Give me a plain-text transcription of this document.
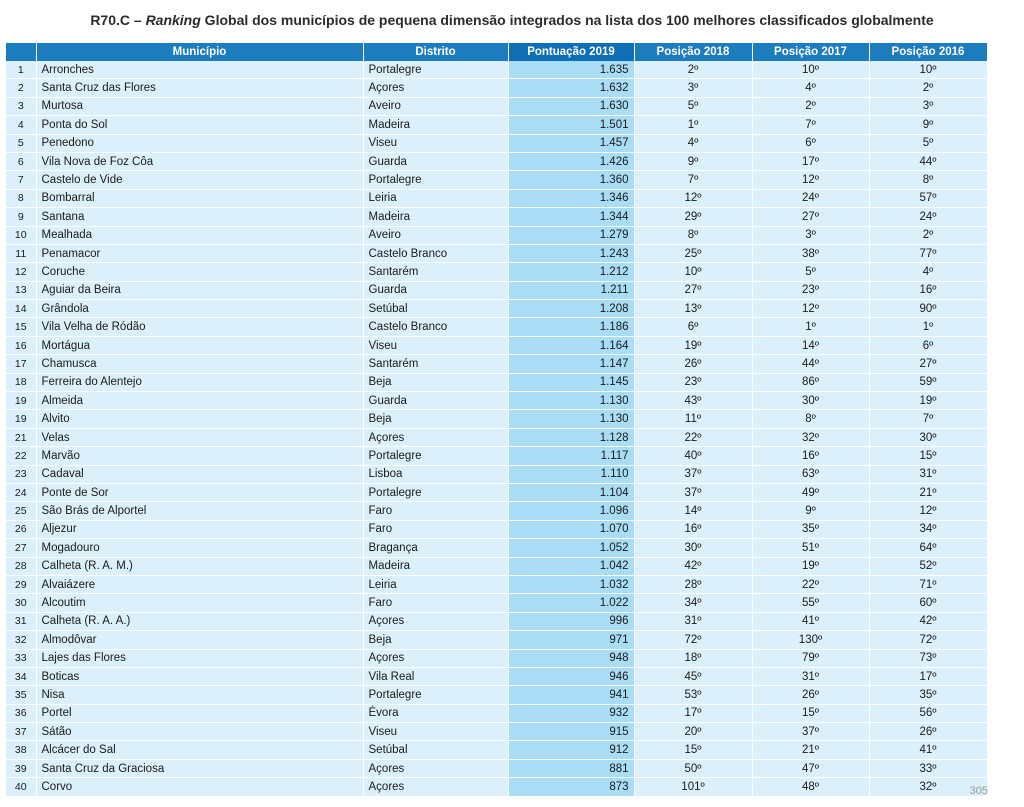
R70.C – Ranking Global dos municípios de pequena dimensão integrados na lista dos 100 melhores classificados globalmente
	Município	Distrito	Pontuação 2019	Posição 2018	Posição 2017	Posição 2016
1	Arronches	Portalegre	1.635	2º	10º	10º
2	Santa Cruz das Flores	Açores	1.632	3º	4º	2º
3	Murtosa	Aveiro	1.630	5º	2º	3º
4	Ponta do Sol	Madeira	1.501	1º	7º	9º
5	Penedono	Viseu	1.457	4º	6º	5º
6	Vila Nova de Foz Côa	Guarda	1.426	9º	17º	44º
7	Castelo de Vide	Portalegre	1.360	7º	12º	8º
8	Bombarral	Leiria	1.346	12º	24º	57º
9	Santana	Madeira	1.344	29º	27º	24º
10	Mealhada	Aveiro	1.279	8º	3º	2º
11	Penamacor	Castelo Branco	1.243	25º	38º	77º
12	Coruche	Santarém	1.212	10º	5º	4º
13	Aguiar da Beira	Guarda	1.211	27º	23º	16º
14	Grândola	Setúbal	1.208	13º	12º	90º
15	Vila Velha de Ródão	Castelo Branco	1.186	6º	1º	1º
16	Mortágua	Viseu	1.164	19º	14º	6º
17	Chamusca	Santarém	1.147	26º	44º	27º
18	Ferreira do Alentejo	Beja	1.145	23º	86º	59º
19	Almeida	Guarda	1.130	43º	30º	19º
19	Alvito	Beja	1.130	11º	8º	7º
21	Velas	Açores	1.128	22º	32º	30º
22	Marvão	Portalegre	1.117	40º	16º	15º
23	Cadaval	Lisboa	1.110	37º	63º	31º
24	Ponte de Sor	Portalegre	1.104	37º	49º	21º
25	São Brás de Alportel	Faro	1.096	14º	9º	12º
26	Aljezur	Faro	1.070	16º	35º	34º
27	Mogadouro	Bragança	1.052	30º	51º	64º
28	Calheta (R. A. M.)	Madeira	1.042	42º	19º	52º
29	Alvaiázere	Leiria	1.032	28º	22º	71º
30	Alcoutim	Faro	1.022	34º	55º	60º
31	Calheta (R. A. A.)	Açores	996	31º	41º	42º
32	Almodôvar	Beja	971	72º	130º	72º
33	Lajes das Flores	Açores	948	18º	79º	73º
34	Boticas	Vila Real	946	45º	31º	17º
35	Nisa	Portalegre	941	53º	26º	35º
36	Portel	Évora	932	17º	15º	56º
37	Sátão	Viseu	915	20º	37º	26º
38	Alcácer do Sal	Setúbal	912	15º	21º	41º
39	Santa Cruz da Graciosa	Açores	881	50º	47º	33º
40	Corvo	Açores	873	101º	48º	32º	305
